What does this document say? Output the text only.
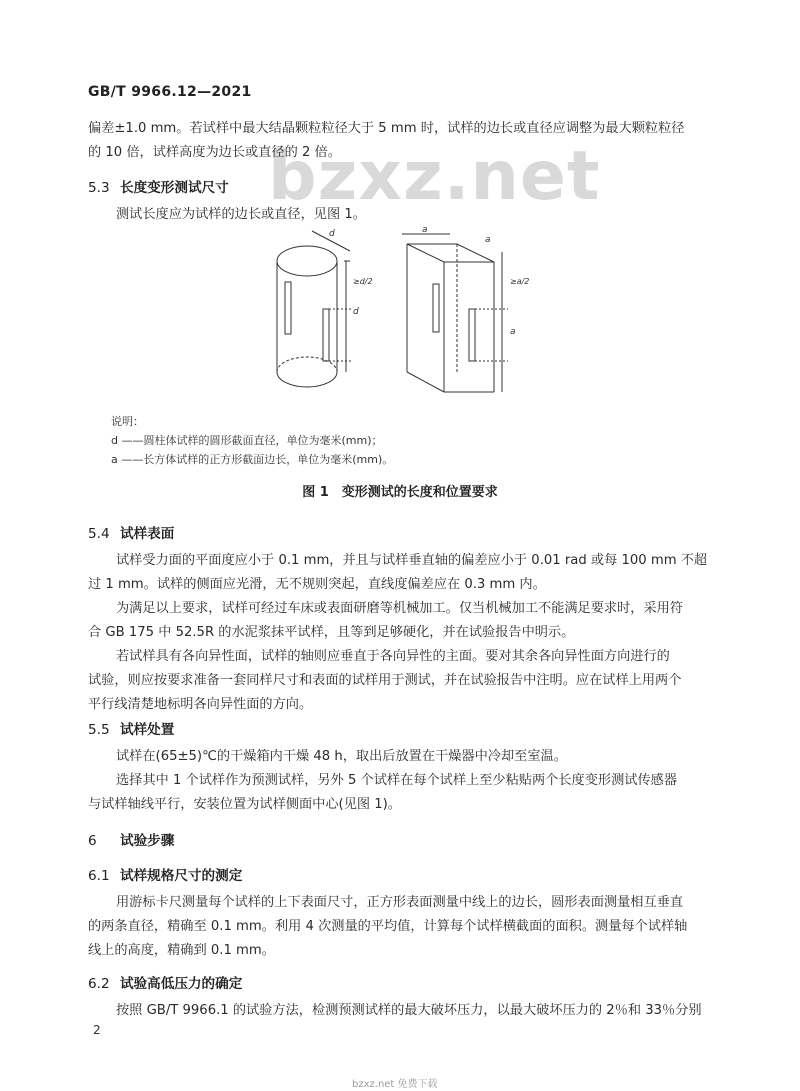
GB/T 9966.12—2021
bzxz.net
偏差±1.0 mm。若试样中最大结晶颗粒粒径大于 5 mm 时，试样的边长或直径应调整为最大颗粒粒径
的 10 倍，试样高度为边长或直径的 2 倍。
5.3 长度变形测试尺寸
测试长度应为试样的边长或直径，见图 1。
d
d
≥d/2
a
a
a
≥a/2
说明：
d ——圆柱体试样的圆形截面直径，单位为毫米(mm)；
a ——长方体试样的正方形截面边长，单位为毫米(mm)。
图 1　变形测试的长度和位置要求
5.4 试样表面
试样受力面的平面度应小于 0.1 mm，并且与试样垂直轴的偏差应小于 0.01 rad 或每 100 mm 不超
过 1 mm。试样的侧面应光滑，无不规则突起，直线度偏差应在 0.3 mm 内。
为满足以上要求，试样可经过车床或表面研磨等机械加工。仅当机械加工不能满足要求时，采用符
合 GB 175 中 52.5R 的水泥浆抹平试样，且等到足够硬化，并在试验报告中明示。
若试样具有各向异性面，试样的轴则应垂直于各向异性的主面。要对其余各向异性面方向进行的
试验，则应按要求准备一套同样尺寸和表面的试样用于测试，并在试验报告中注明。应在试样上用两个
平行线清楚地标明各向异性面的方向。
5.5 试样处置
试样在(65±5)℃的干燥箱内干燥 48 h，取出后放置在干燥器中冷却至室温。
选择其中 1 个试样作为预测试样，另外 5 个试样在每个试样上至少粘贴两个长度变形测试传感器
与试样轴线平行，安装位置为试样侧面中心(见图 1)。
6 试验步骤
6.1 试样规格尺寸的测定
用游标卡尺测量每个试样的上下表面尺寸，正方形表面测量中线上的边长，圆形表面测量相互垂直
的两条直径，精确至 0.1 mm。利用 4 次测量的平均值，计算每个试样横截面的面积。测量每个试样轴
线上的高度，精确到 0.1 mm。
6.2 试验高低压力的确定
按照 GB/T 9966.1 的试验方法，检测预测试样的最大破坏压力，以最大破坏压力的 2％和 33％分别
2
bzxz.net 免费下载
